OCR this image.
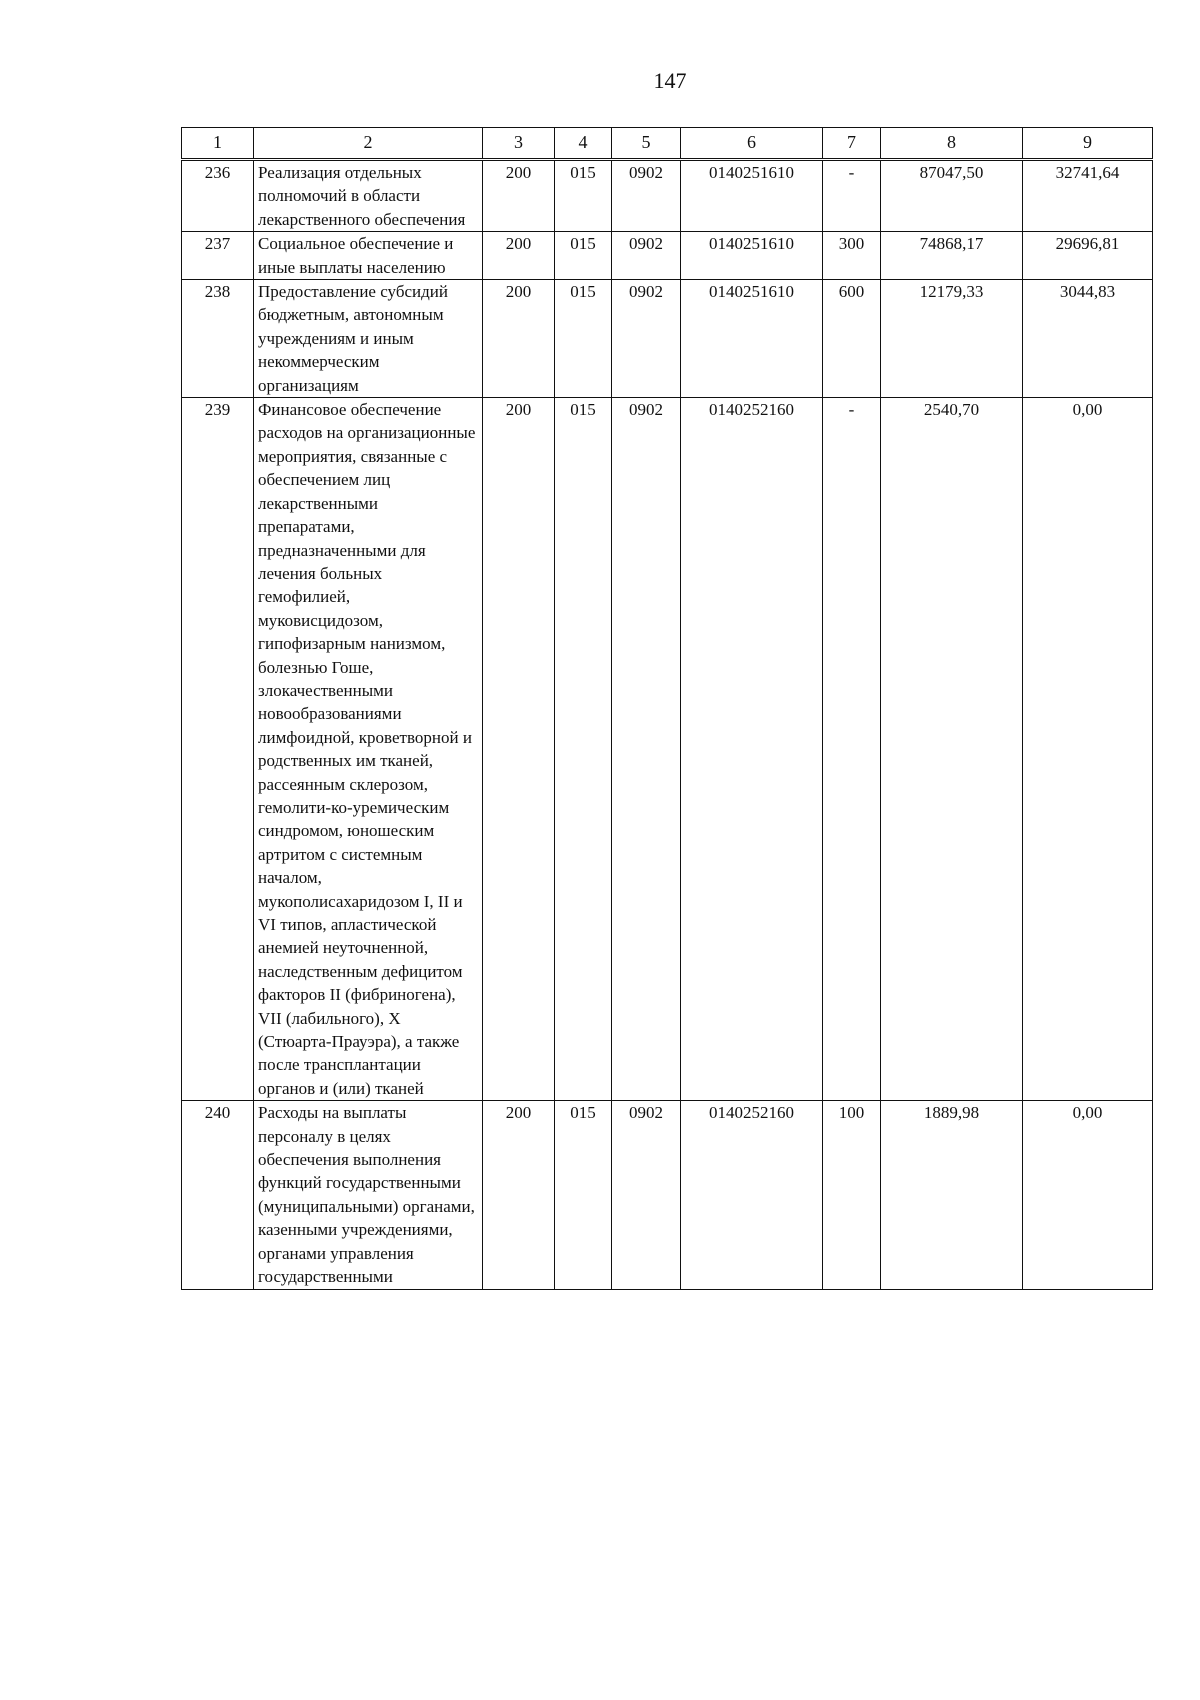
147
1	2	3	4	5	6	7	8	9
236	Реализация отдельных полномочий в области лекарственного обеспечения	200	015	0902	0140251610	-	87047,50	32741,64
237	Социальное обеспечение и иные выплаты населению	200	015	0902	0140251610	300	74868,17	29696,81
238	Предоставление субсидий бюджетным, автономным учреждениям и иным некоммерческим организациям	200	015	0902	0140251610	600	12179,33	3044,83
239	Финансовое обеспечение расходов на организационные мероприятия, связанные с обеспечением лиц лекарственными препаратами, предназначенными для лечения больных гемофилией, муковисцидозом, гипофизарным нанизмом, болезнью Гоше, злокачественными новообразованиями лимфоидной, кроветворной и родственных им тканей, рассеянным склерозом, гемолити-ко-уремическим синдромом, юношеским артритом с системным началом, мукополисахаридозом I, II и VI типов, апластической анемией неуточненной, наследственным дефицитом факторов II (фибриногена), VII (лабильного), X (Стюарта-Прауэра), а также после трансплантации органов и (или) тканей	200	015	0902	0140252160	-	2540,70	0,00
240	Расходы на выплаты персоналу в целях обеспечения выполнения функций государственными (муниципальными) органами, казенными учреждениями, органами управления государственными	200	015	0902	0140252160	100	1889,98	0,00
